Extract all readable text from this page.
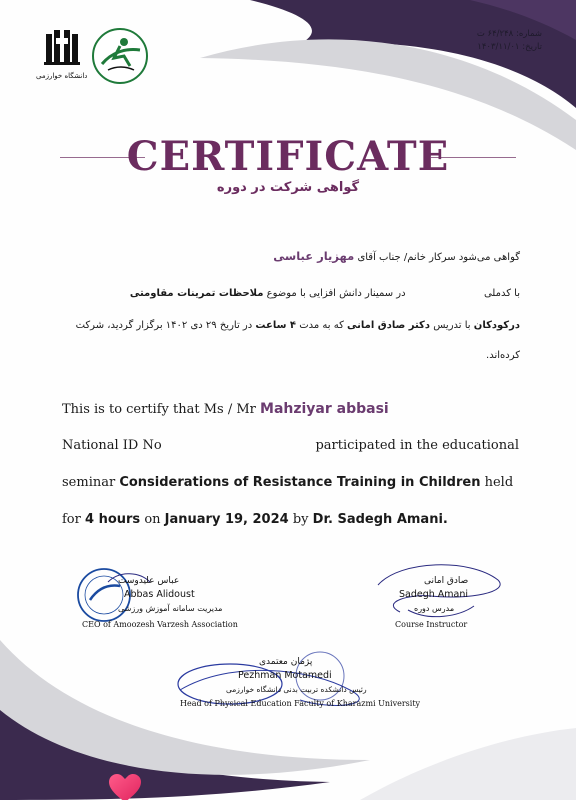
شماره: ۶۴/۲۴۸ ت
تاریخ: ۱۴۰۳/۱۱/۰۱
دانشگاه خوارزمی
CERTIFICATE
گواهی شرکت در دوره
گواهی می‌شود سرکار خانم/ جناب آقای مهزیار عباسی
با کدملی  در سمینار دانش افزایی با موضوع ملاحظات تمرینات مقاومتی
درکودکان با تدریس دکتر صادق امانی که به مدت ۴ ساعت در تاریخ ۲۹ دی ۱۴۰۲ برگزار گردید، شرکت
کرده‌اند.
This is to certify that Ms / Mr Mahziyar abbasi
National ID No	participated in the educational
seminar Considerations of Resistance Training in Children held
for 4 hours on January 19, 2024 by Dr. Sadegh Amani.
عباس علیدوست
Abbas Alidoust
مدیریت سامانه آموزش ورزشی
CEO of Amoozesh Varzesh Association
صادق امانی
Sadegh Amani
مدرس دوره
Course Instructor
پژمان معتمدی
Pezhman Motamedi
رئیس دانشکده تربیت بدنی دانشگاه خوارزمی
Head of Physical Education Faculty of Kharazmi University
